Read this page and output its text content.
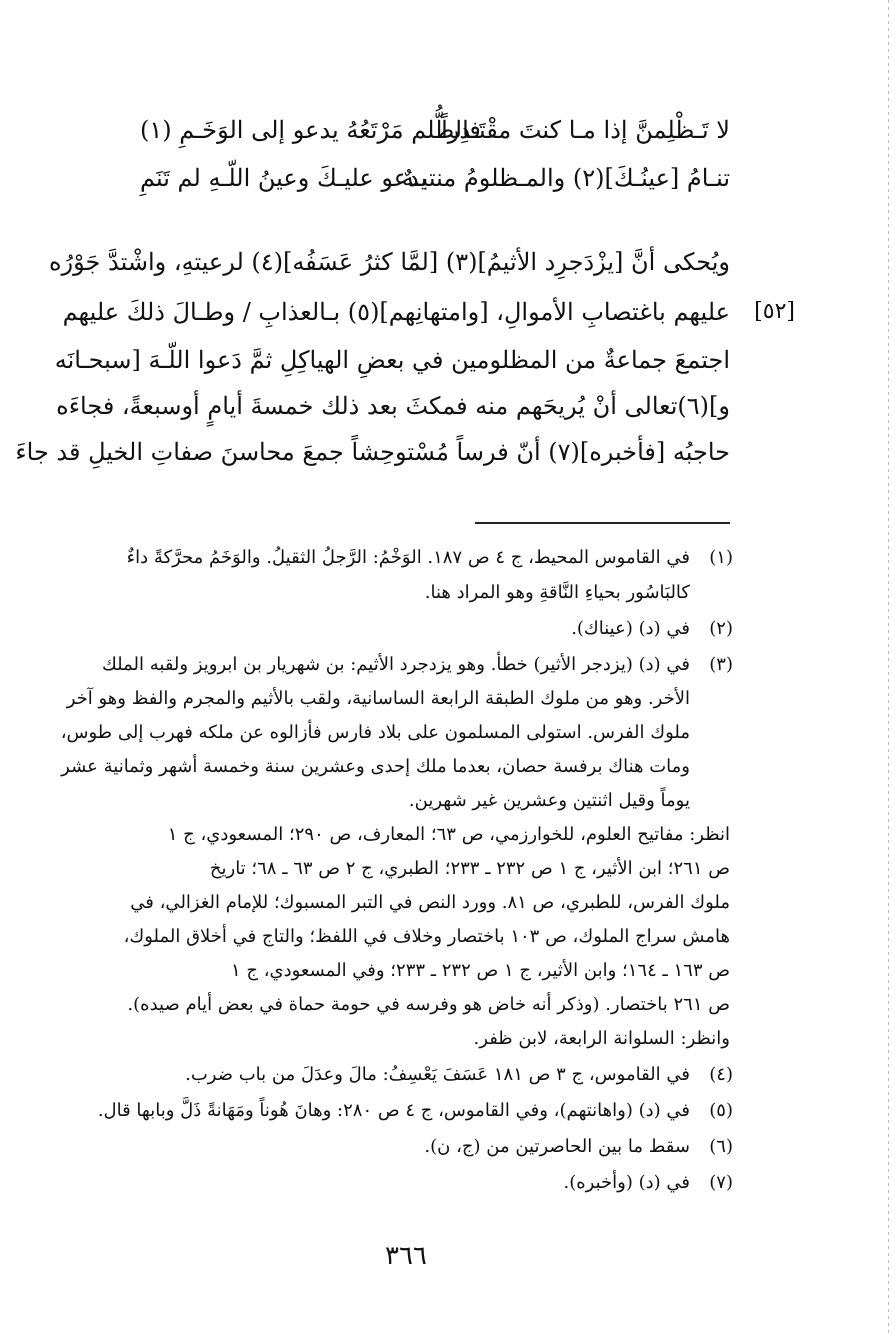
لا تَـظْلِمنَّ إذا مـا كنتَ مقْتَـدِراً
فالظُّلم مَرْتَعُهُ يدعو إلى الوَخَـمِ (١)
تنـامُ [عينُـكَ](٢) والمـظلومُ منتبـهٌ
يدعو عليـكَ وعينُ اللّـهِ لم تَنَمِ
ويُحكى أنَّ [يزْدَجرِد الأثيمُ](٣) [لمَّا كثرُ عَسَفُه](٤) لرعيتهِ، واشْتدَّ جَوْرُه
[٥٢]
عليهم باغتصابِ الأموالِ، [وامتهانِهم](٥) بـالعذابِ / وطـالَ ذلكَ عليهم
اجتمعَ جماعةٌ من المظلومين في بعضِ الهياكِلِ ثمَّ دَعوا اللّـهَ [سبحـانَه
و](٦)تعالى أنْ يُريحَهم منه فمكثَ بعد ذلك خمسةَ أيامٍ أوسبعةً، فجاءَه
حاجبُه [فأخبره](٧) أنّ فرساً مُسْتوحِشاً جمعَ محاسنَ صفاتِ الخيلِ قد جاءَ
(١)
في القاموس المحيط، ج ٤ ص ١٨٧. الوَخْمُ: الرَّجلُ الثقيلُ. والوَخَمُ محرَّكةً داءٌ
كالبَاسُور بحياءِ النَّاقةِ وهو المراد هنا.
(٢)
في (د) (عيناك).
(٣)
في (د) (يزدجر الأثير) خطأ. وهو يزدجرد الأثيم: بن شهريار بن ابرويز ولقبه الملك
الأخر. وهو من ملوك الطبقة الرابعة الساسانية، ولقب بالأثيم والمجرم والفظ وهو آخر
ملوك الفرس. استولى المسلمون على بلاد فارس فأزالوه عن ملكه فهرب إلى طوس،
ومات هناك برفسة حصان، بعدما ملك إحدى وعشرين سنة وخمسة أشهر وثمانية عشر
يوماً وقيل اثنتين وعشرين غير شهرين.
انظر: مفاتيح العلوم، للخوارزمي، ص ٦٣؛ المعارف، ص ٢٩٠؛ المسعودي، ج ١
ص ٢٦١؛ ابن الأثير، ج ١ ص ٢٣٢ ـ ٢٣٣؛ الطبري، ج ٢ ص ٦٣ ـ ٦٨؛ تاريخ
ملوك الفرس، للطبري، ص ٨١. وورد النص في التبر المسبوك؛ للإمام الغزالي، في
هامش سراج الملوك، ص ١٠٣ باختصار وخلاف في اللفظ؛ والتاج في أخلاق الملوك،
ص ١٦٣ ـ ١٦٤؛ وابن الأثير، ج ١ ص ٢٣٢ ـ ٢٣٣؛ وفي المسعودي، ج ١
ص ٢٦١ باختصار. (وذكر أنه خاض هو وفرسه في حومة حماة في بعض أيام صيده).
وانظر: السلوانة الرابعة، لابن ظفر.
(٤)
في القاموس، ج ٣ ص ١٨١ عَسَفَ يَعْسِفُ: مالَ وعدَلَ من باب ضرب.
(٥)
في (د) (واهانتهم)، وفي القاموس، ج ٤ ص ٢٨٠: وهانَ هُوناً ومَهَانةً ذَلَّ وبابها قال.
(٦)
سقط ما بين الحاصرتين من (ج، ن).
(٧)
في (د) (وأخبره).
٣٦٦
